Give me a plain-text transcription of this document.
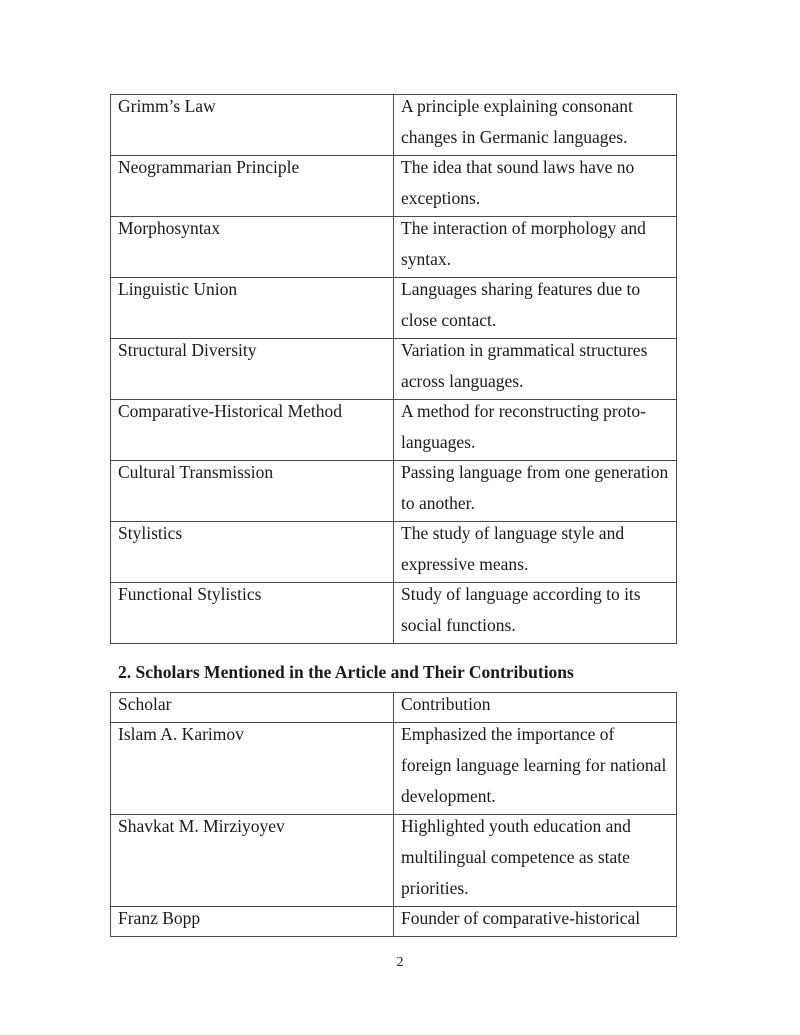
Grimm’s Law	A principle explaining consonant changes in Germanic languages.

Neogrammarian Principle	The idea that sound laws have no exceptions.

Morphosyntax	The interaction of morphology and syntax.

Linguistic Union	Languages sharing features due to close contact.

Structural Diversity	Variation in grammatical structures across languages.

Comparative-Historical Method	A method for reconstructing proto-languages.

Cultural Transmission	Passing language from one generation to another.

Stylistics	The study of language style and expressive means.

Functional Stylistics	Study of language according to its social functions.
2. Scholars Mentioned in the Article and Their Contributions
Scholar	Contribution

Islam A. Karimov	Emphasized the importance of foreign language learning for national development.

Shavkat M. Mirziyoyev	Highlighted youth education and multilingual competence as state priorities.

Franz Bopp	Founder of comparative-historical
2
